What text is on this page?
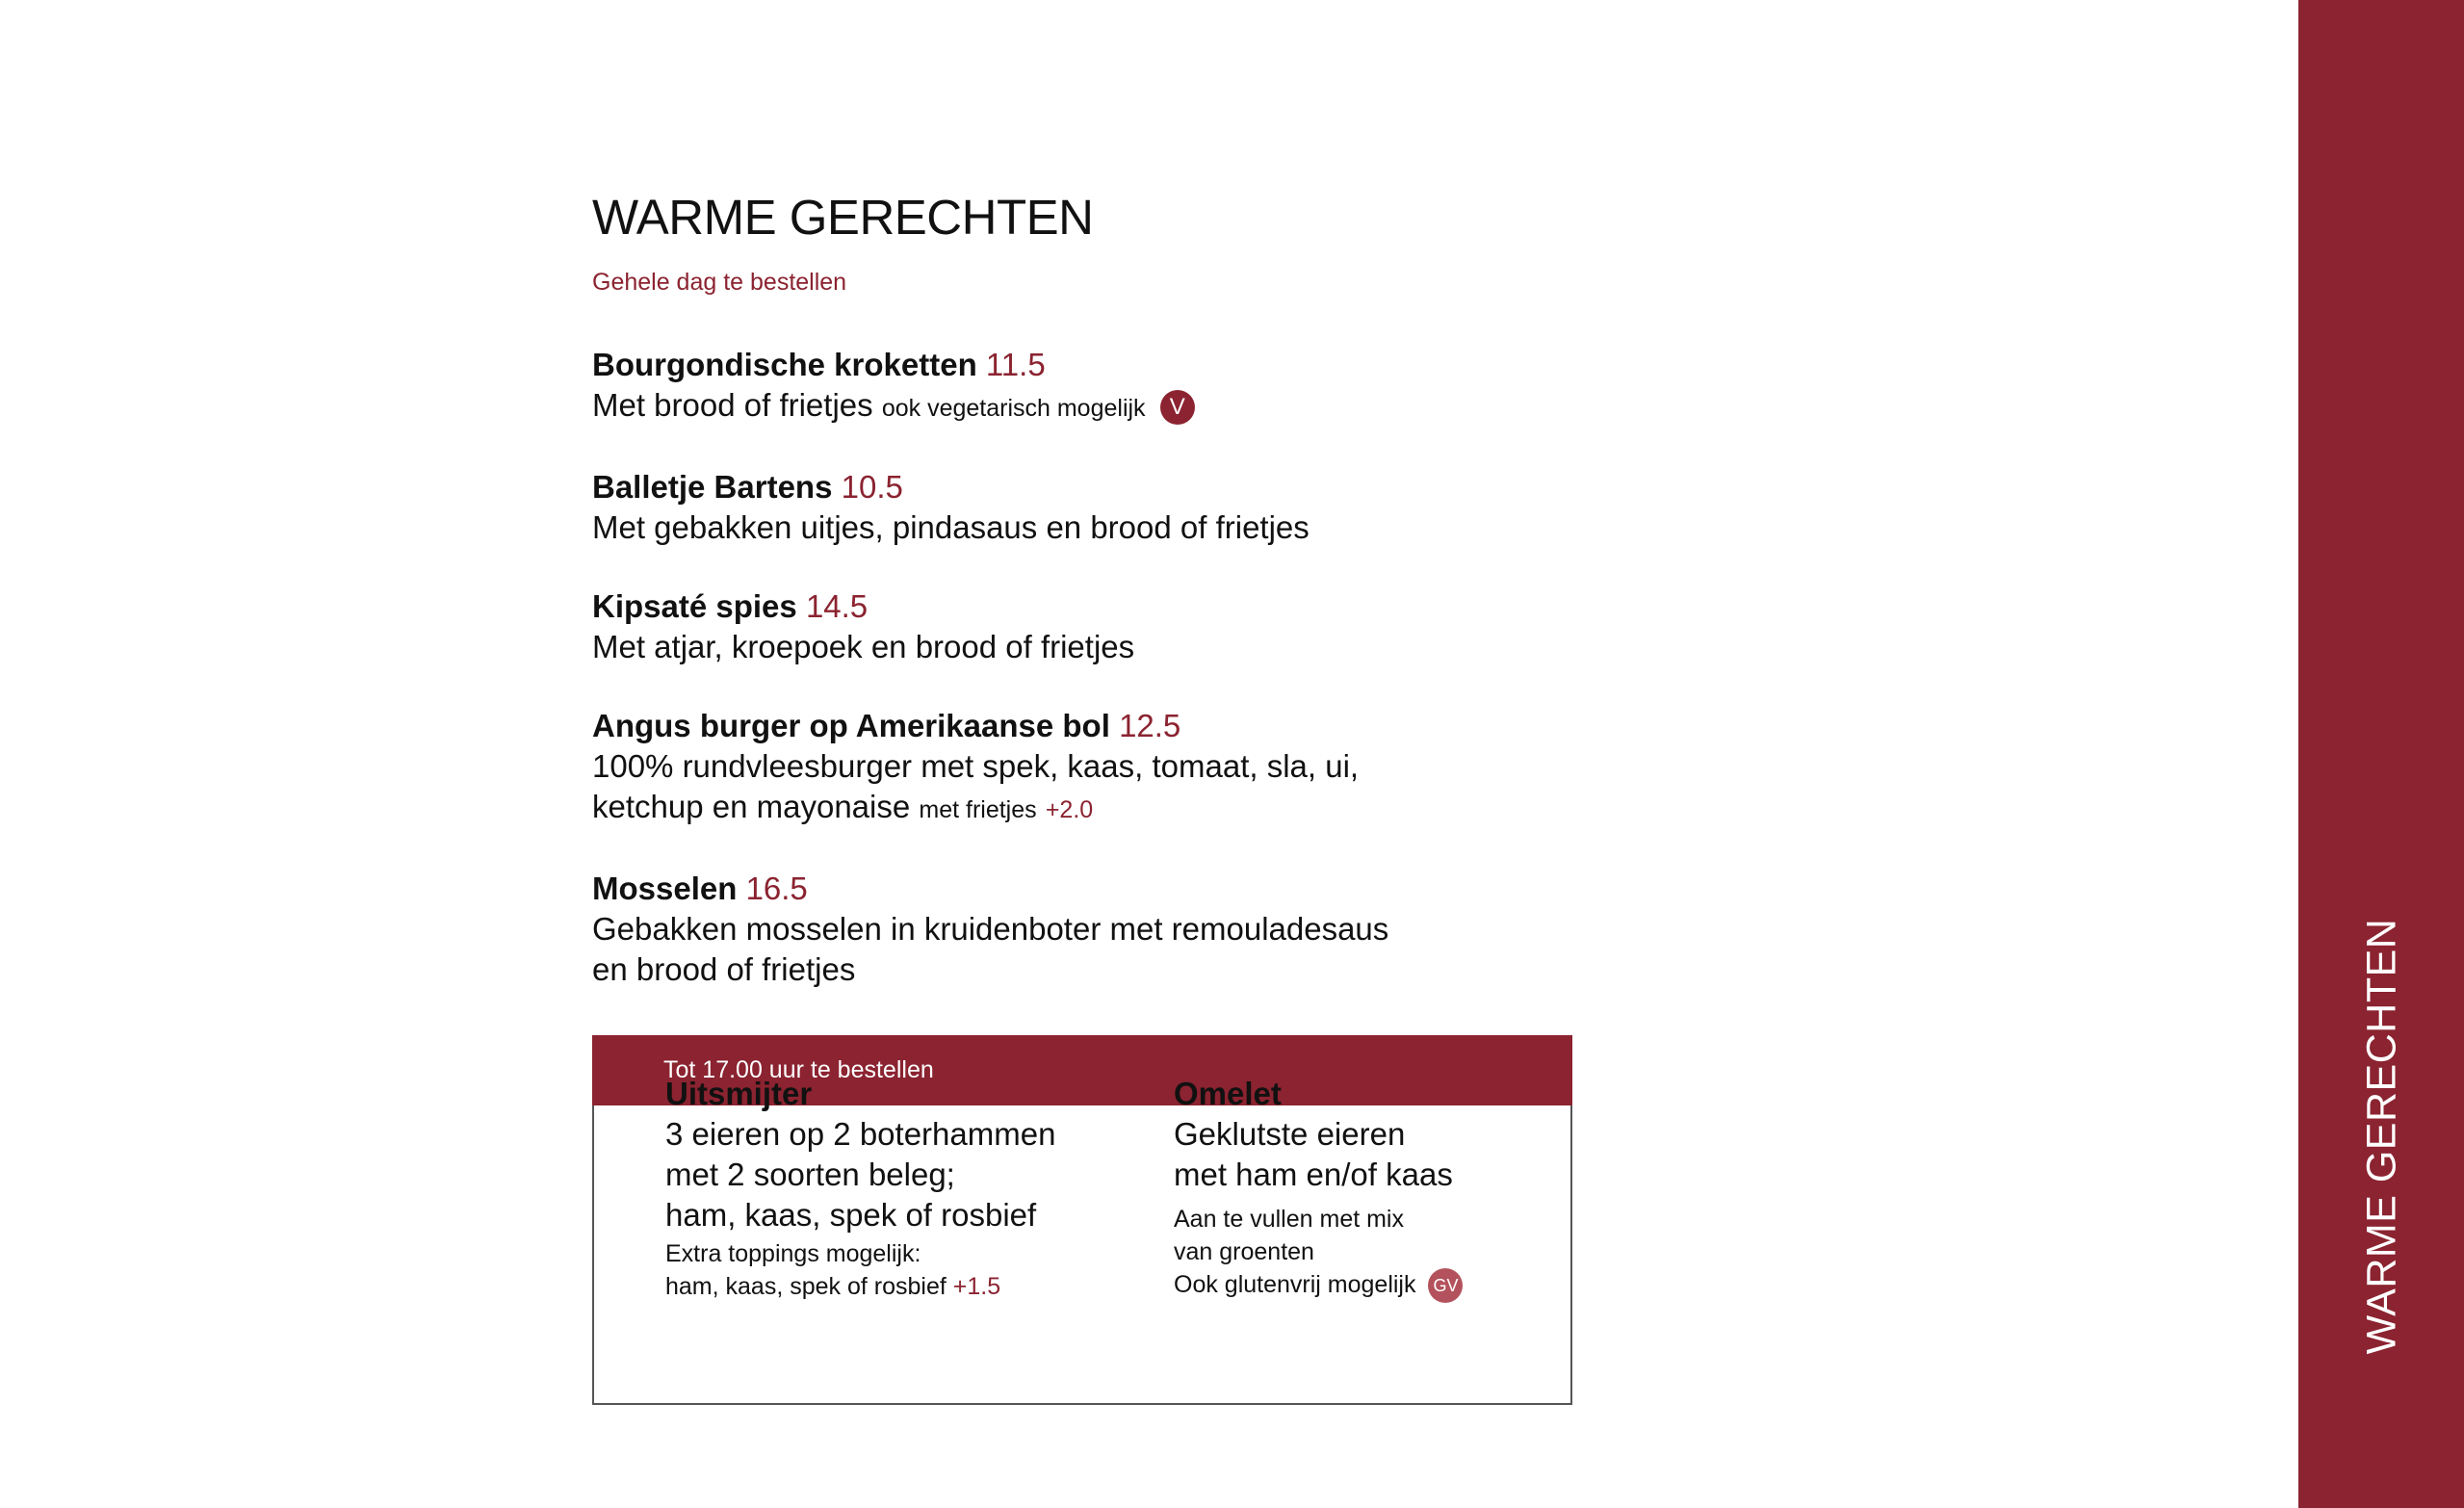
WARME GERECHTEN
Gehele dag te bestellen
Bourgondische kroketten 11.5
Met brood of frietjes ook vegetarisch mogelijk V
Balletje Bartens 10.5
Met gebakken uitjes, pindasaus en brood of frietjes
Kipsaté spies 14.5
Met atjar, kroepoek en brood of frietjes
Angus burger op Amerikaanse bol 12.5
100% rundvleesburger met spek, kaas, tomaat, sla, ui,
ketchup en mayonaise met frietjes +2.0
Mosselen 16.5
Gebakken mosselen in kruidenboter met remouladesaus
en brood of frietjes
Tot 17.00 uur te bestellen
Uitsmijter 10.0
3 eieren op 2 boterhammen
met 2 soorten beleg;
ham, kaas, spek of rosbief
Extra toppings mogelijk:
ham, kaas, spek of rosbief +1.5
Omelet 11.0
Geklutste eieren
met ham en/of kaas
Aan te vullen met mix
van groenten
Ook glutenvrij mogelijk GV	WARME GERECHTEN
